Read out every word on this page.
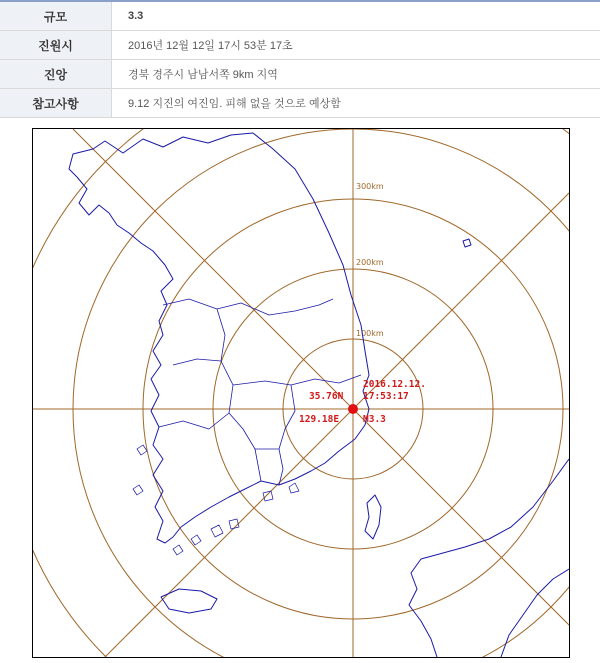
규모	3.3
진원시	2016년 12월 12일 17시 53분 17초
진앙	경북 경주시 남남서쪽 9km 지역
참고사항	9.12 지진의 여진임. 피해 없을 것으로 예상함
100km
200km
300km
35.76N
129.18E
2016.12.12.
17:53:17
M3.3
